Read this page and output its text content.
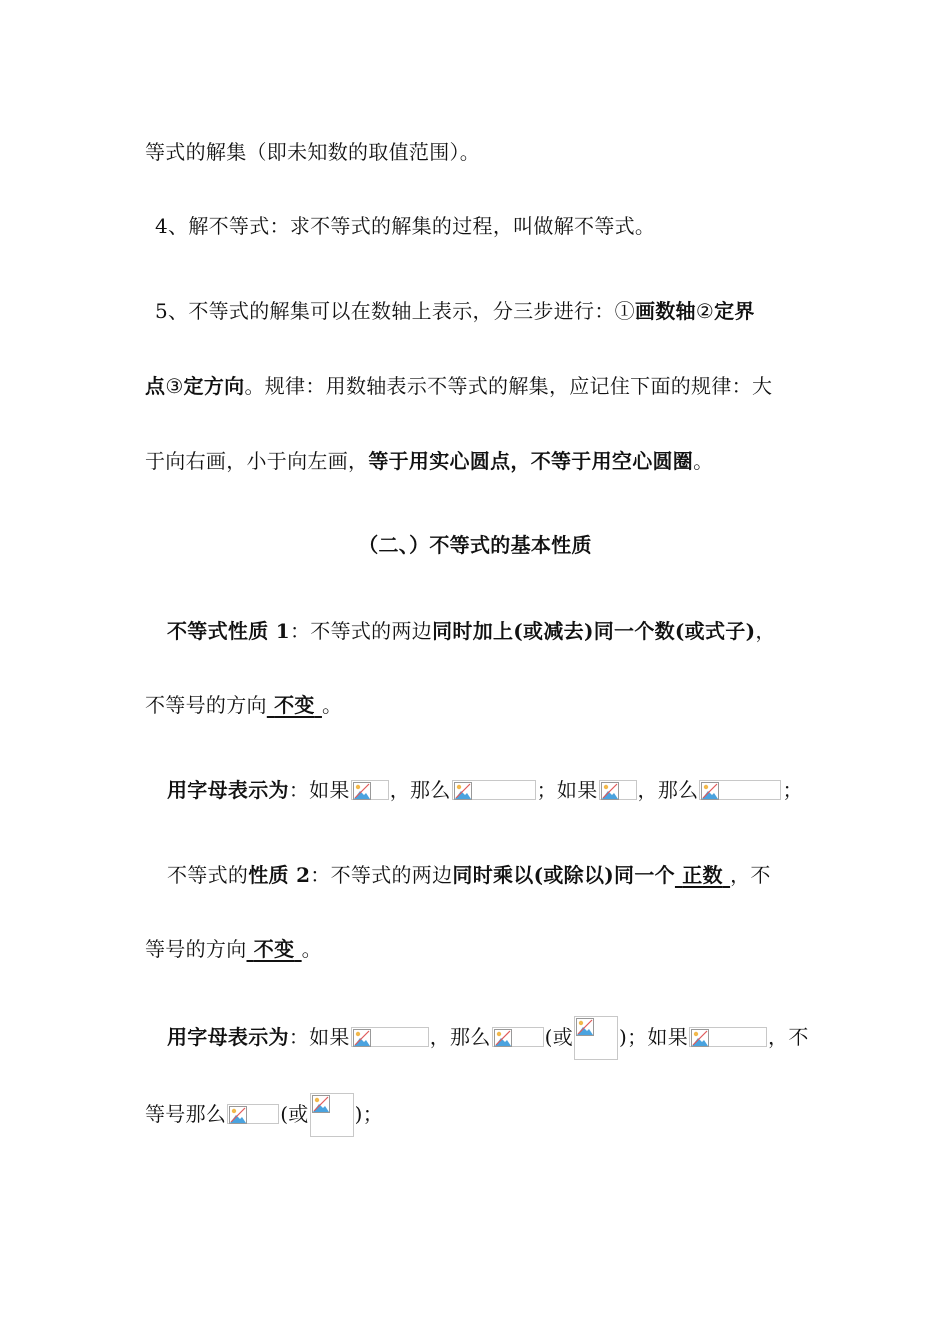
等式的解集（即未知数的取值范围）。
4、解不等式：求不等式的解集的过程，叫做解不等式。
5、不等式的解集可以在数轴上表示，分三步进行：①画数轴②定界
点③定方向。规律：用数轴表示不等式的解集，应记住下面的规律：大
于向右画，小于向左画，等于用实心圆点，不等于用空心圆圈。
（二、）不等式的基本性质
不等式性质 1：不等式的两边同时加上(或减去)同一个数(或式子)，
不等号的方向 不变 。
用字母表示为：如果 ，那么	；如果 ，那么	；
不等式的性质 2：不等式的两边同时乘以(或除以)同一个 正数 ，不
等号的方向 不变 。
用字母表示为：如果	，那么	(或 )；如果	，不
等号那么	(或 )；
